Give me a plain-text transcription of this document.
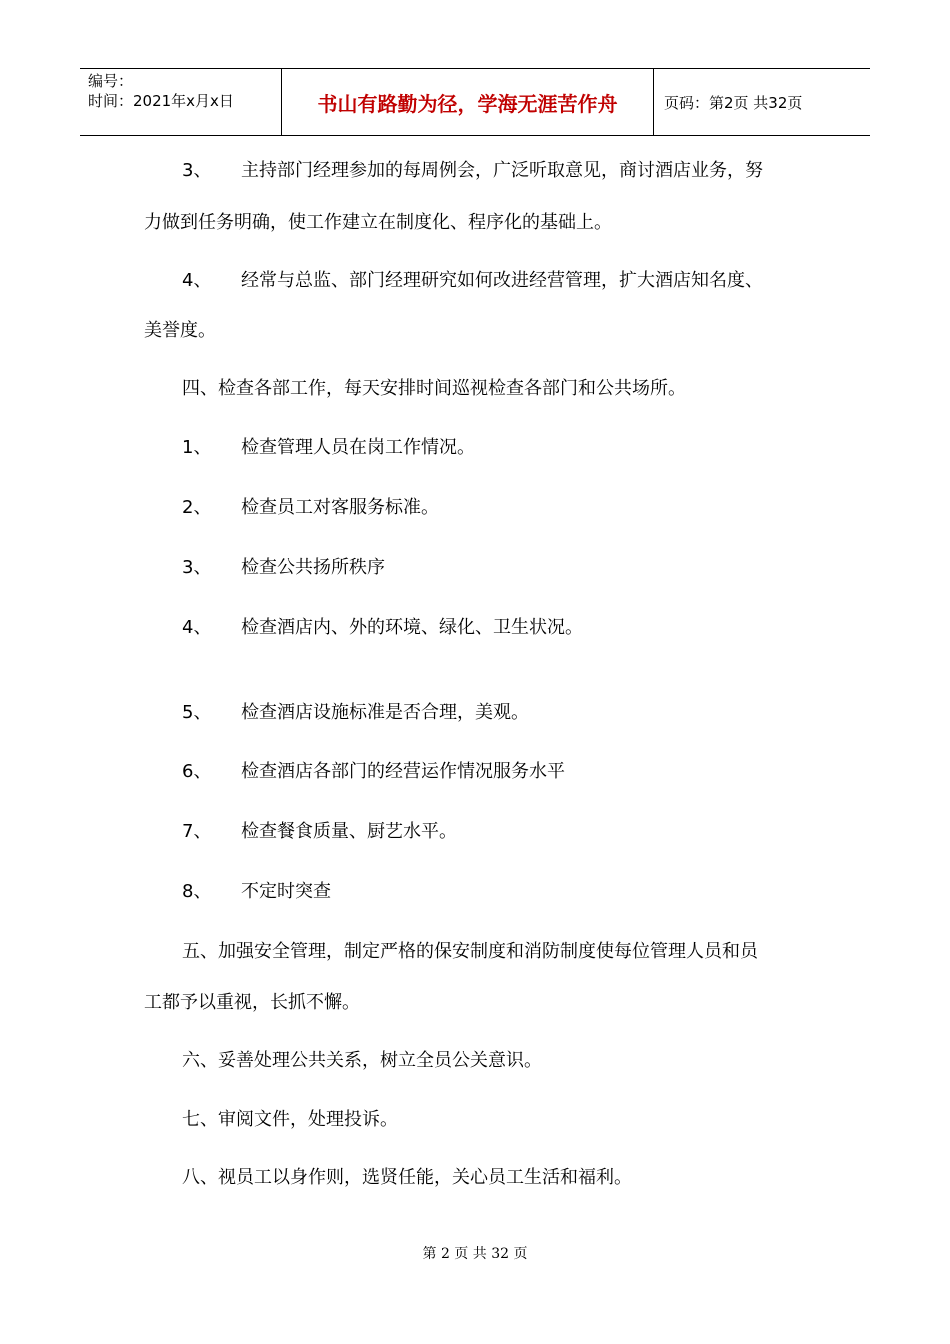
编号：
时间：2021年x月x日	书山有路勤为径，学海无涯苦作舟	页码：第2页 共32页
3、 主持部门经理参加的每周例会，广泛听取意见，商讨酒店业务，努
力做到任务明确，使工作建立在制度化、程序化的基础上。
4、 经常与总监、部门经理研究如何改进经营管理，扩大酒店知名度、
美誉度。
四、检查各部工作，每天安排时间巡视检查各部门和公共场所。
1、 检查管理人员在岗工作情况。
2、 检查员工对客服务标准。
3、 检查公共扬所秩序
4、 检查酒店内、外的环境、绿化、卫生状况。
5、 检查酒店设施标准是否合理，美观。
6、 检查酒店各部门的经营运作情况服务水平
7、 检查餐食质量、厨艺水平。
8、 不定时突查
五、加强安全管理，制定严格的保安制度和消防制度使每位管理人员和员
工都予以重视，长抓不懈。
六、妥善处理公共关系，树立全员公关意识。
七、审阅文件，处理投诉。
八、视员工以身作则，选贤任能，关心员工生活和福利。
第 2 页 共 32 页
